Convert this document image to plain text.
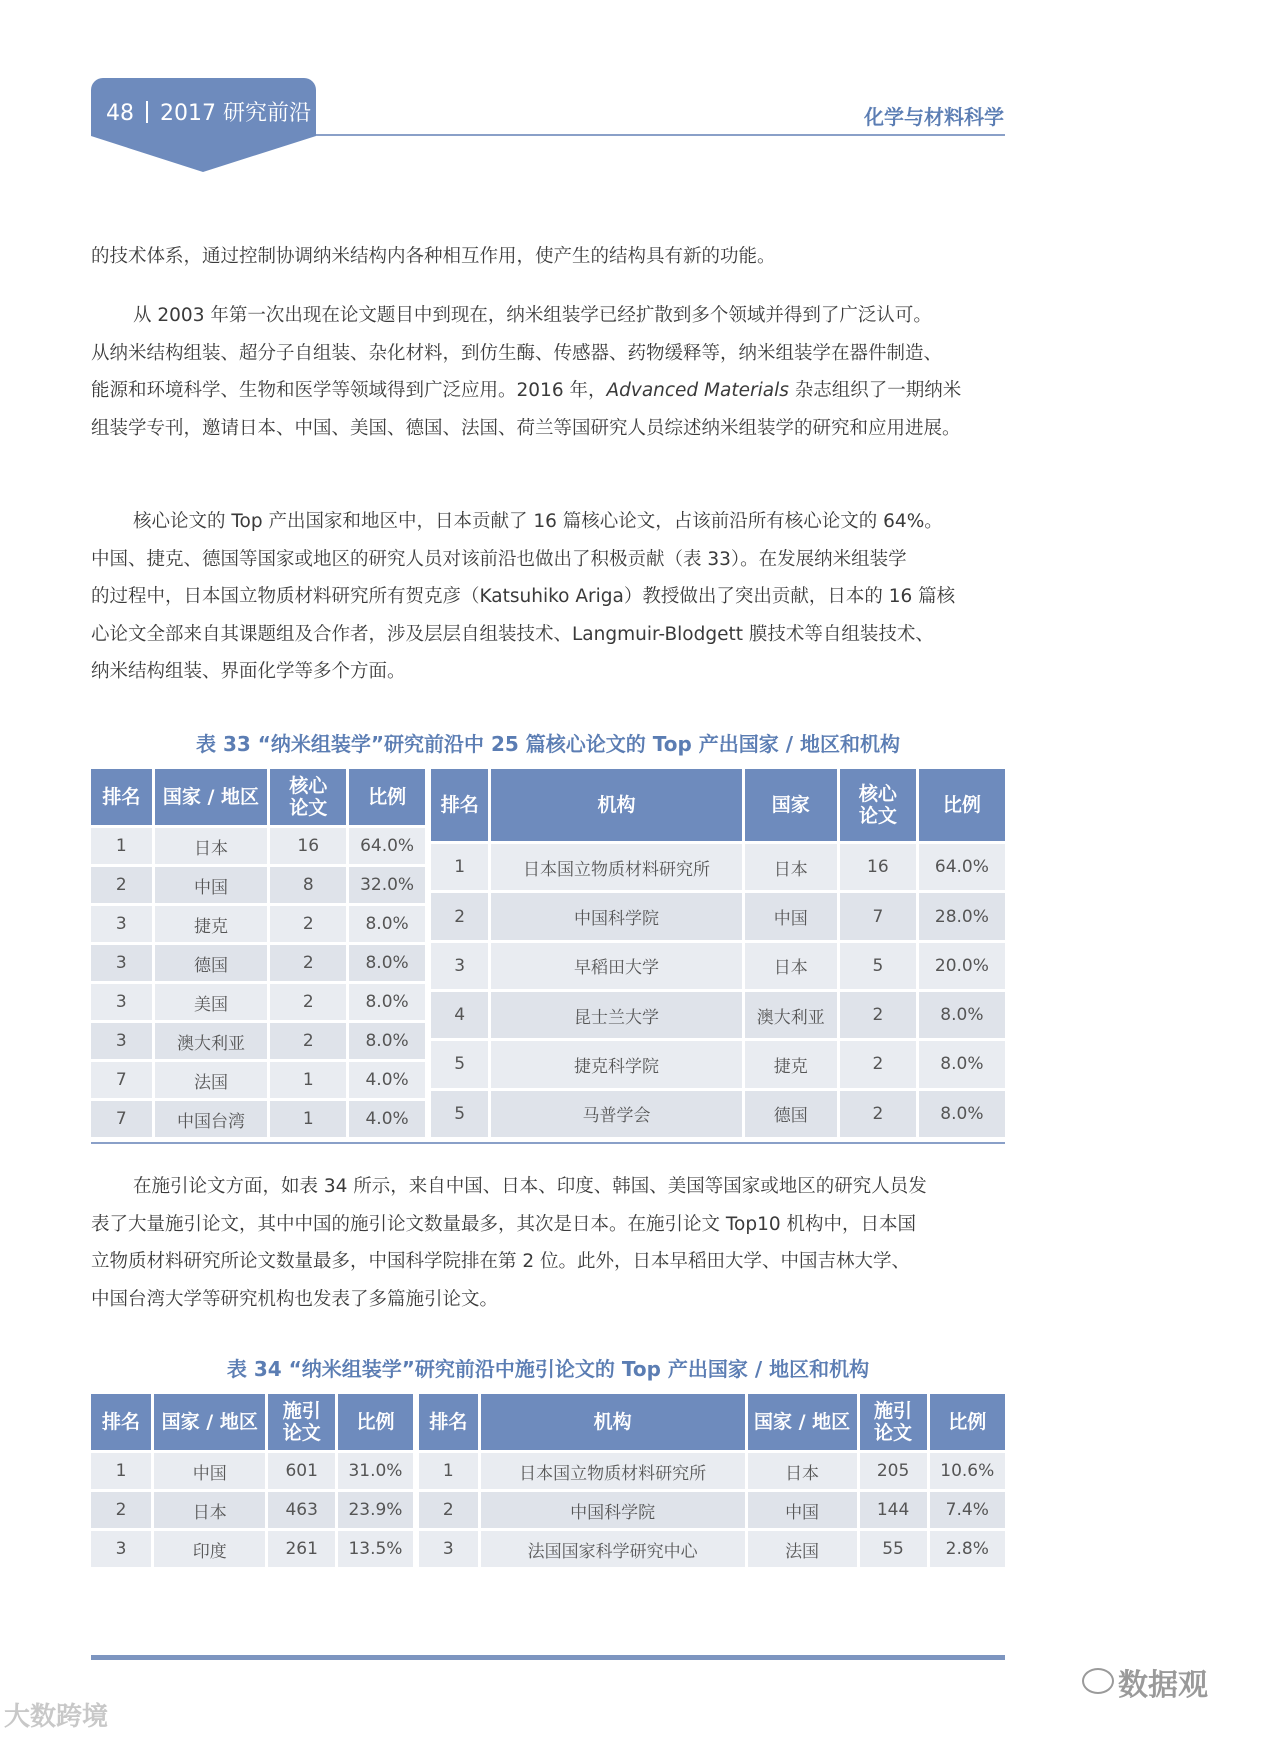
48 2017 研究前沿	化学与材料科学
的技术体系，通过控制协调纳米结构内各种相互作用，使产生的结构具有新的功能。
从 2003 年第一次出现在论文题目中到现在，纳米组装学已经扩散到多个领域并得到了广泛认可。
从纳米结构组装、超分子自组装、杂化材料，到仿生酶、传感器、药物缓释等，纳米组装学在器件制造、
能源和环境科学、生物和医学等领域得到广泛应用。2016 年，Advanced Materials 杂志组织了一期纳米
组装学专刊，邀请日本、中国、美国、德国、法国、荷兰等国研究人员综述纳米组装学的研究和应用进展。
核心论文的 Top 产出国家和地区中，日本贡献了 16 篇核心论文，占该前沿所有核心论文的 64%。
中国、捷克、德国等国家或地区的研究人员对该前沿也做出了积极贡献（表 33）。在发展纳米组装学
的过程中，日本国立物质材料研究所有贺克彦（Katsuhiko Ariga）教授做出了突出贡献，日本的 16 篇核
心论文全部来自其课题组及合作者，涉及层层自组装技术、Langmuir-Blodgett 膜技术等自组装技术、
纳米结构组装、界面化学等多个方面。
表 33 “纳米组装学”研究前沿中 25 篇核心论文的 Top 产出国家 / 地区和机构
排名	国家 / 地区	核心
论文	比例
1	日本	16	64.0%
2	中国	8	32.0%
3	捷克	2	8.0%
3	德国	2	8.0%
3	美国	2	8.0%
3	澳大利亚	2	8.0%
7	法国	1	4.0%
7	中国台湾	1	4.0%
排名	机构	国家	核心
论文	比例
1	日本国立物质材料研究所	日本	16	64.0%
2	中国科学院	中国	7	28.0%
3	早稻田大学	日本	5	20.0%
4	昆士兰大学	澳大利亚	2	8.0%
5	捷克科学院	捷克	2	8.0%
5	马普学会	德国	2	8.0%
在施引论文方面，如表 34 所示，来自中国、日本、印度、韩国、美国等国家或地区的研究人员发
表了大量施引论文，其中中国的施引论文数量最多，其次是日本。在施引论文 Top10 机构中，日本国
立物质材料研究所论文数量最多，中国科学院排在第 2 位。此外，日本早稻田大学、中国吉林大学、
中国台湾大学等研究机构也发表了多篇施引论文。
表 34 “纳米组装学”研究前沿中施引论文的 Top 产出国家 / 地区和机构
排名	国家 / 地区	施引
论文	比例
1	中国	601	31.0%
2	日本	463	23.9%
3	印度	261	13.5%
排名	机构	国家 / 地区	施引
论文	比例
1	日本国立物质材料研究所	日本	205	10.6%
2	中国科学院	中国	144	7.4%
3	法国国家科学研究中心	法国	55	2.8%
大数跨境
数据观
